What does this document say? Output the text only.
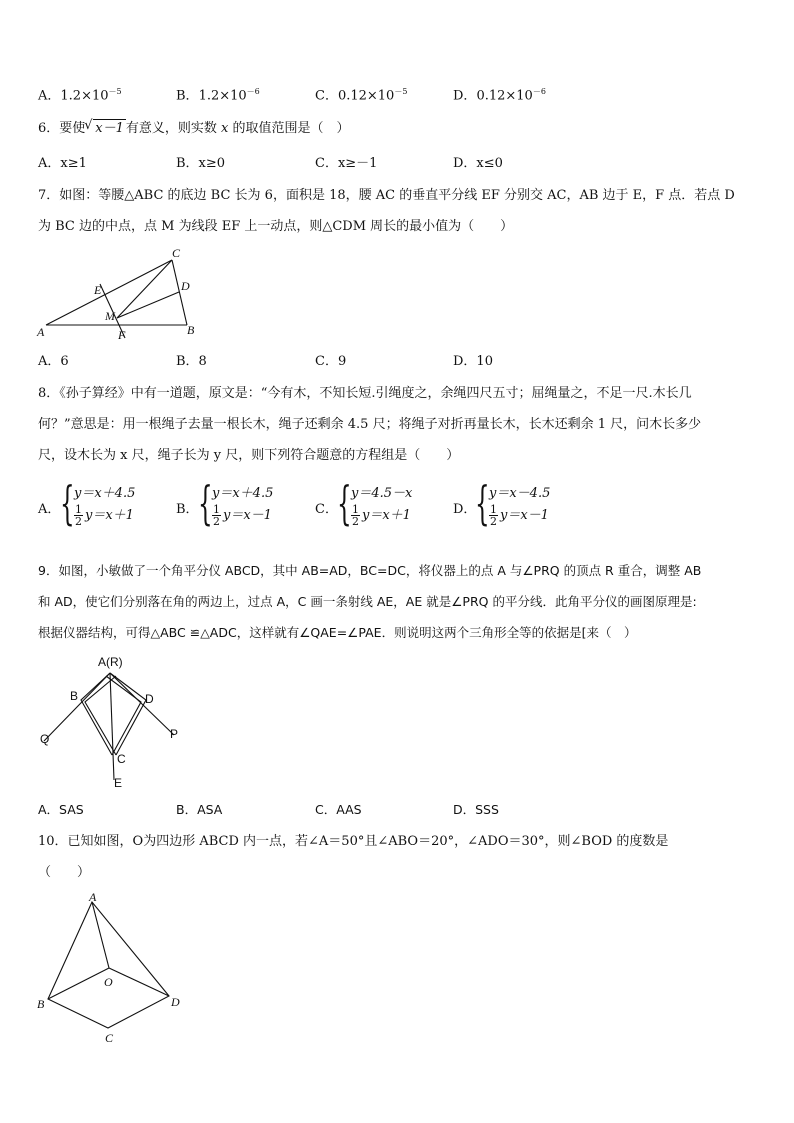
A．$1.2\times 10^{-5}$	B．$1.2\times 10^{-6}$	C．$0.12\times 10^{-5}$	D．$0.12\times 10^{-6}$
6．要使√ x－1 有意义，则实数 x 的取值范围是（　）
A．x≥1	B．x≥0	C．x≥－1	D．x≤0
7．如图：等腰△ABC 的底边 BC 长为 6，面积是 18，腰 AC 的垂直平分线 EF 分别交 AC，AB 边于 E，F 点．若点 D
为 BC 边的中点，点 M 为线段 EF 上一动点，则△CDM 周长的最小值为（　　）
C
E	D
M
A	F	B
A．6	B．8	C．9	D．10
8．《孙子算经》中有一道题，原文是：“今有木，不知长短.引绳度之，余绳四尺五寸；屈绳量之，不足一尺.木长几
何？”意思是：用一根绳子去量一根长木，绳子还剩余 4.5 尺；将绳子对折再量长木，长木还剩余 1 尺，问木长多少
尺，设木长为 x 尺，绳子长为 y 尺，则下列符合题意的方程组是（　　）
A． { y＝x＋4.5
$\frac{1}{2} y=x+1$	B． { y＝x＋4.5
$\frac{1}{2} y=x-1$	C． { y＝4.5－x
$\frac{1}{2} y=x+1$	D．
{ y＝x－4.5
$\frac{1}{2} y=x-1$
9．如图，小敏做了一个角平分仪 ABCD，其中 AB=AD，BC=DC，将仪器上的点 A 与∠PRQ 的顶点 R 重合，调整 AB
和 AD，使它们分别落在角的两边上，过点 A，C 画一条射线 AE，AE 就是∠PRQ 的平分线．此角平分仪的画图原理是:
根据仪器结构，可得△ABC ≌△ADC，这样就有∠QAE=∠PAE．则说明这两个三角形全等的依据是[来（　）
A(R)
B	D
Q	P
C
E
A．SAS	B．ASA	C．AAS	D．SSS
10．已知如图，O为四边形 ABCD 内一点，若∠A＝50°且∠ABO＝20°，∠ADO＝30°，则∠BOD 的度数是
（　　）
A
O
B	D
C
